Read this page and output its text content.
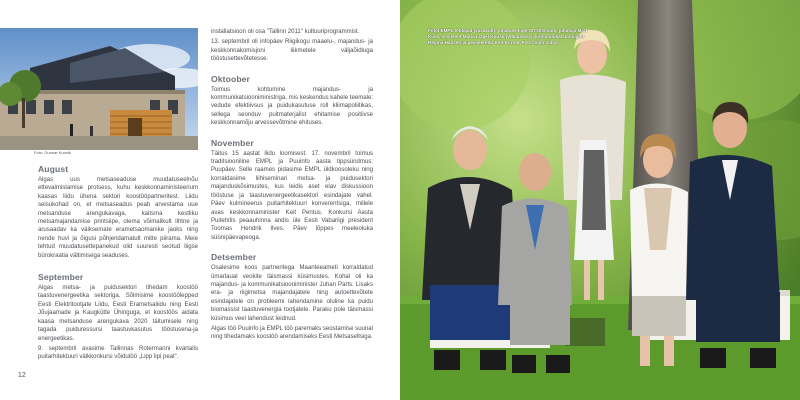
Foto: Gunnar Kunnik
August

Algas uus metsaseaduse muudatuseelnõu ettevalmistamise protsess, kuhu keskkonnaministeerium kaasas liidu ühena sektori koostööpartneritest. Liidu seisukohad on, et metsaseadus peab arvestama uue metsanduse arengukavaga, kaitsma kestliku metsamajandamise printsiipe, olema võimalikult lihtne ja arusaadav ka väiksemate erametsaomanike jaoks ning nende huvi ja õigusi põhjendamatult mitte piirama. Meie tehtud muudatusettepanekud olid suuresti seotud liigse bürokraatia vältimisega seaduses.

September

Algas metsa- ja puidusektori tihedam koostöö taastuvenergeetika sektoriga. Sõlmisime koostöölepped Eesti Elektritootjate Liidu, Eesti Erametsaliidu ning Eesti Jõujaamade ja Kaugkütte Ühinguga, et koostöös aidata kaasa metsanduse arengukava 2020 täitumisele ning tagada puiduressursi taastuvkasutus tööstusena-ja energeetikas.

9. septembril avasime Tallinnas Rotermanni kvartalis puitarhitektuuri välkkonkursi võidutöö „Lipp lipi peal".

installatsioon oli osa "Tallinn 2011" kultuuriprogrammist.

13. septembril oli infopäev Riigikogu maaelu-, majandus- ja keskkonnakomisjoni liikmetele väljaõidluga tööstusettevõtetesse.

Oktoober

Toimus kohtumine majandus- ja kommunikatsiooniministriga, mis keskendus kahele teemale: vedude efektiivsus ja puidukasutuse roll kliimapoliitikas, sellega seonduv puitmaterjalist ehitamise positiivse keskkonnamõju arvessevõtmine ehituses.

November

Täitus 15 aastat liidu loomisest. 17. novembril toimus traditsiooniline EMPL ja Puuinfo aasta tippsündmus: Puupäev. Selle raames pidasime EMPL üldkoosoleku ning korraldasime liihiseminari metsa- ja puidusektori majanduskõsimustes, kus leidis aset elav diskussioon tööstuse ja taastuvenergeetikasektori esindajate vahel. Päev kulmineerus puitarhitektuuri konverentsiga, millele avas keskkonnaminister Keit Pentus. Konkursi Aasta Puitehitis peaauhinna andis üle Eesti Vabariigi president Toomas Hendrik Ilves. Päev lõppes meeleoluka süünipäevapeoga.

Detsember

Osalesime koos partneritega Maanteeameti korraldatud ümarlaual veokite täismassi küsimustes. Kohal oli ka majandus- ja kommunikatsiooniminister Juhan Parts. Lisaks era- ja riigimetsa majandajatele ning autoettevõtete esindajatele on probleemi lahendamine oluline ka puidu biomassist taastuvenergia tootjatele. Paraku pole täismassi küsimus veel lahendust leidnud.

Algas töö Puuinfo ja EMPL töö paremaks seostamise suunal ning tihedamaks koostöö arendamiseks Eesti Metsaseltsiga.

12
Fotol EMPL töötajad (vasakult): juhatuse liige Ott Otsmann, juhataja Mart Kiisk, assistent Maria Lizgel Kuusk (Vitkauskas), kommunikatsioonijuht Regina Hansen ja peasekretär Keit Kurme. Foto: Siim Vahur
